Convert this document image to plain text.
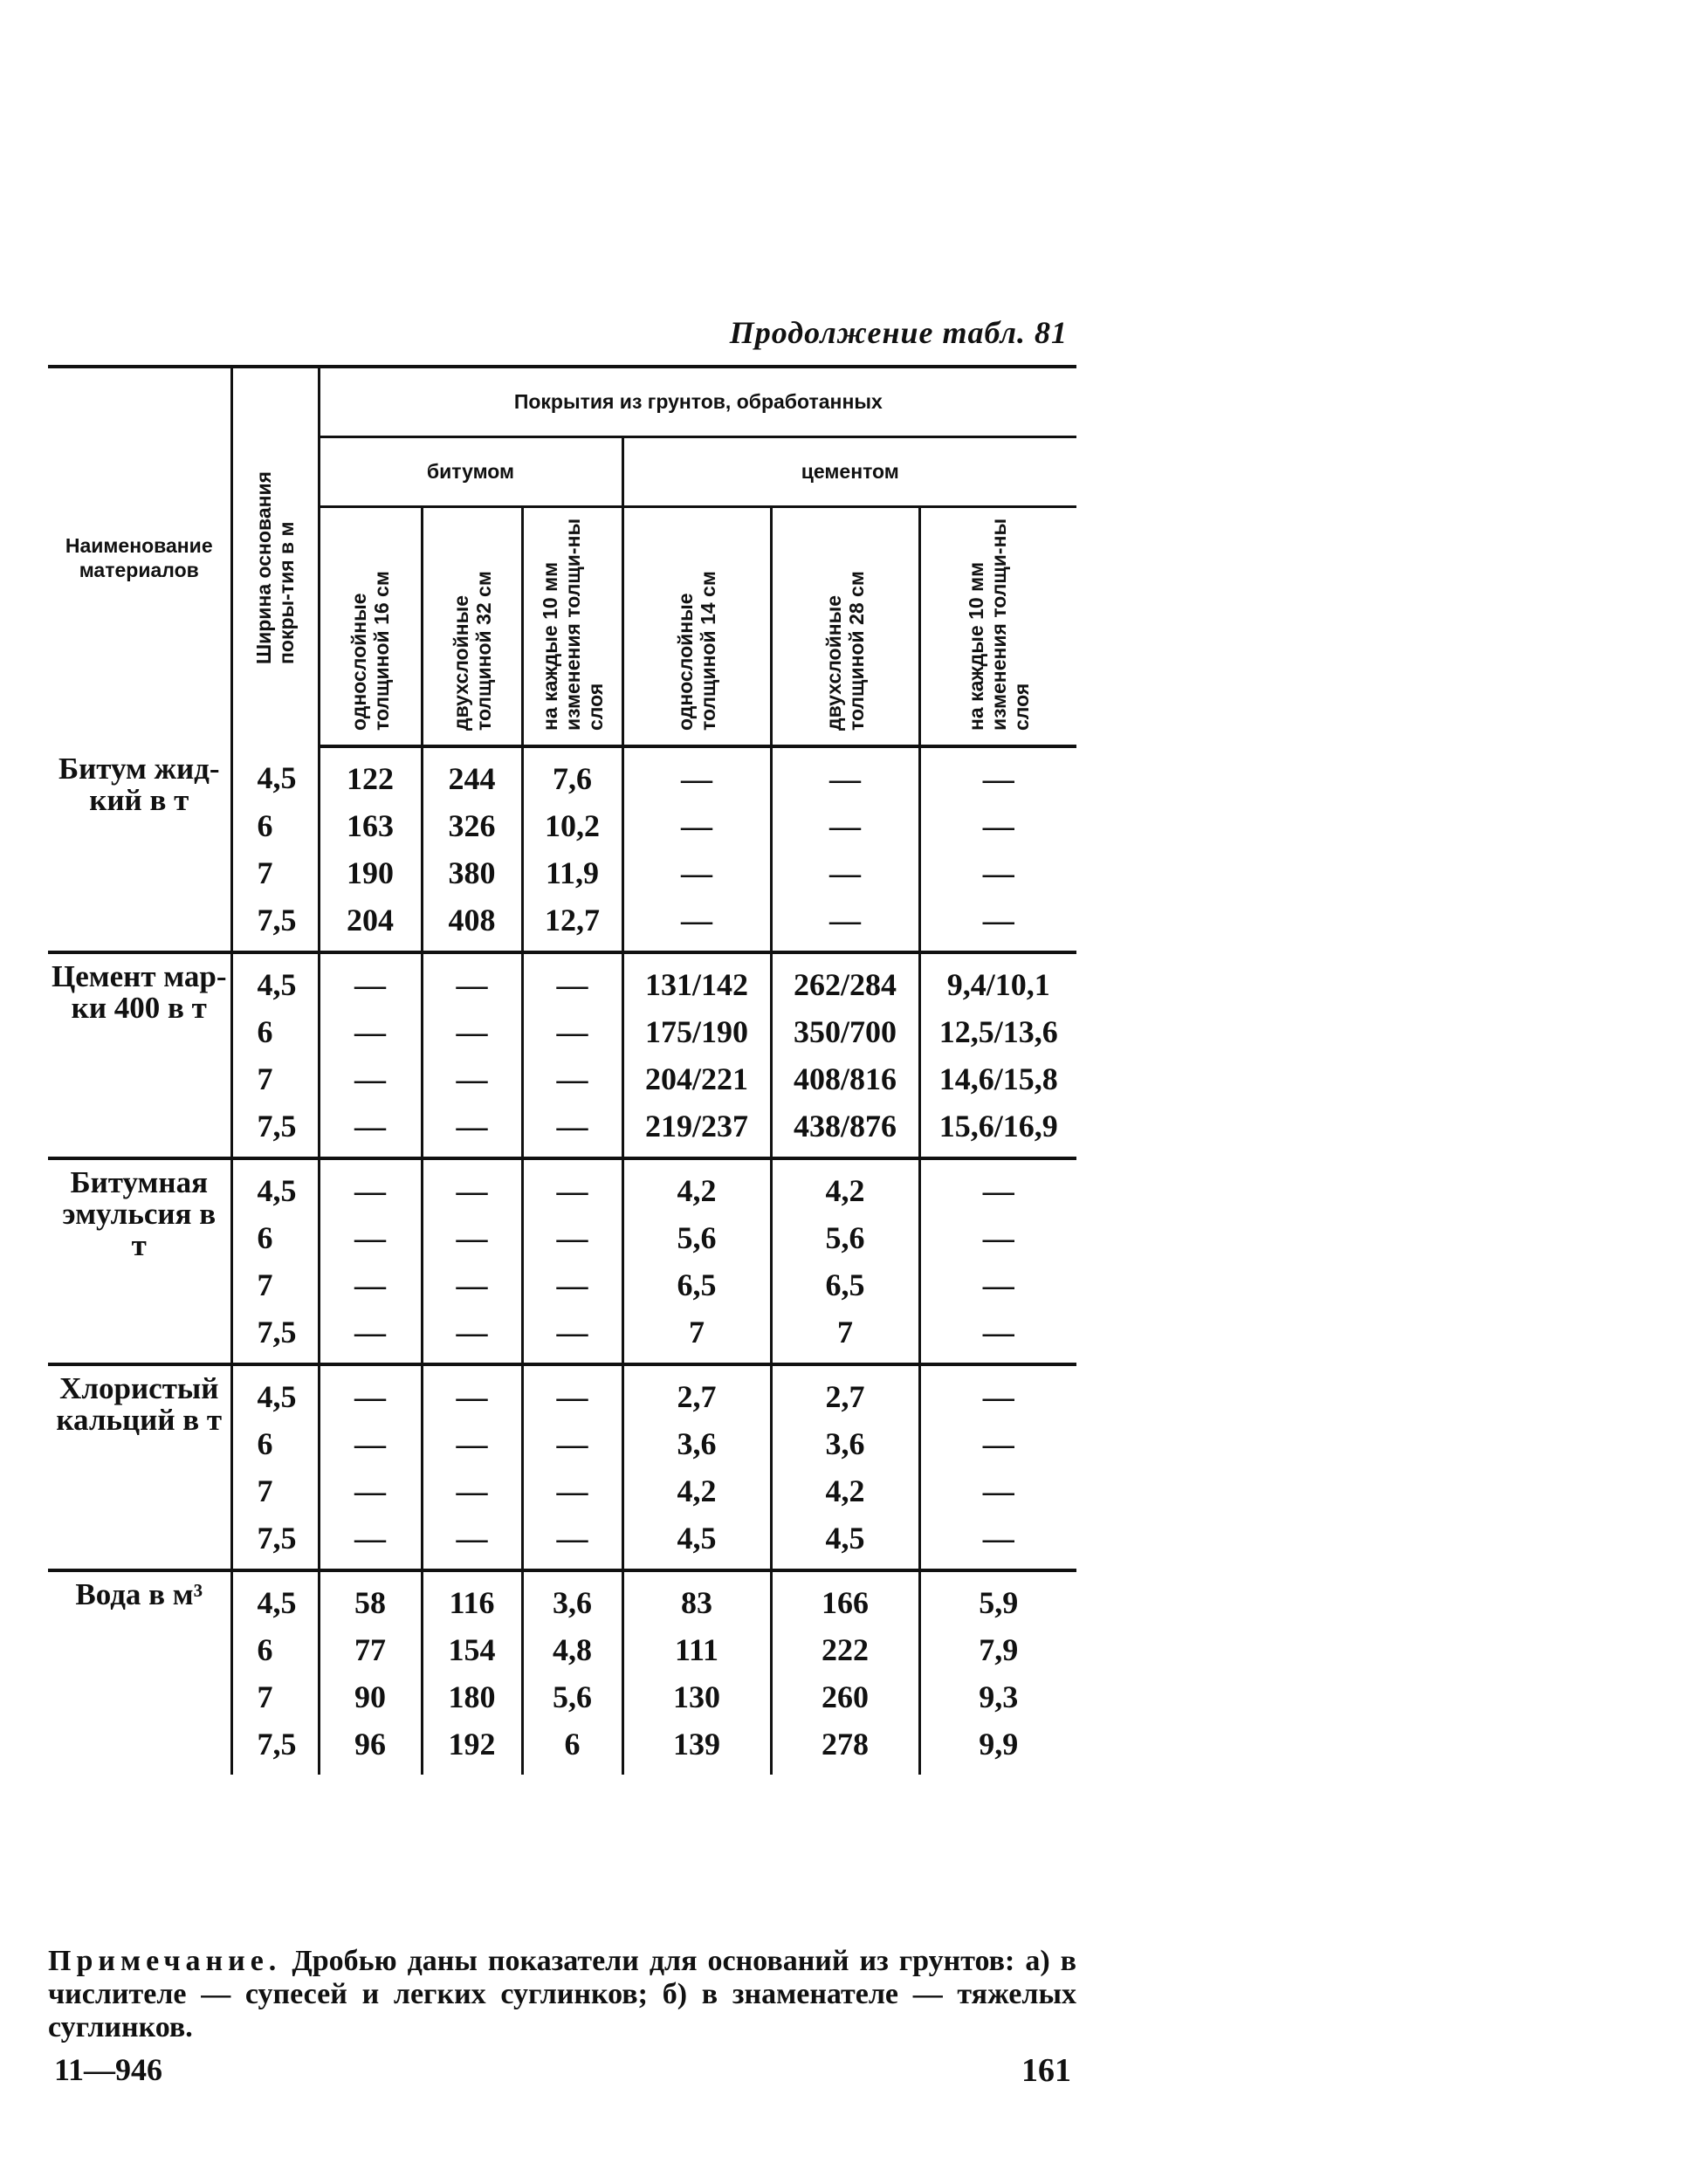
Продолжение табл. 81
Наименование материалов	Ширина основания покры-тия в м	Покрытия из грунтов, обработанных					
		битумом			цементом		
		однослойные толщиной 16 см	двухслойные толщиной 32 см	на каждые 10 мм изменения толщи-ны слоя	однослойные толщиной 14 см	двухслойные толщиной 28 см	на каждые 10 мм изменения толщи-ны слоя
Битум жид-кий в т	4,5	122	244	7,6	—	—	—
	6	163	326	10,2	—	—	—
	7	190	380	11,9	—	—	—
	7,5	204	408	12,7	—	—	—
Цемент мар-ки 400 в т	4,5	—	—	—	131/142	262/284	9,4/10,1
	6	—	—	—	175/190	350/700	12,5/13,6
	7	—	—	—	204/221	408/816	14,6/15,8
	7,5	—	—	—	219/237	438/876	15,6/16,9
Битумная эмульсия в т	4,5	—	—	—	4,2	4,2	—
	6	—	—	—	5,6	5,6	—
	7	—	—	—	6,5	6,5	—
	7,5	—	—	—	7	7	—
Хлористый кальций в т	4,5	—	—	—	2,7	2,7	—
	6	—	—	—	3,6	3,6	—
	7	—	—	—	4,2	4,2	—
	7,5	—	—	—	4,5	4,5	—
Вода в м³	4,5	58	116	3,6	83	166	5,9
	6	77	154	4,8	111	222	7,9
	7	90	180	5,6	130	260	9,3
	7,5	96	192	6	139	278	9,9
Примечание. Дробью даны показатели для оснований из грунтов: а) в числителе — супесей и легких суглинков; б) в знаменателе — тяжелых суглинков.
11—946	161
